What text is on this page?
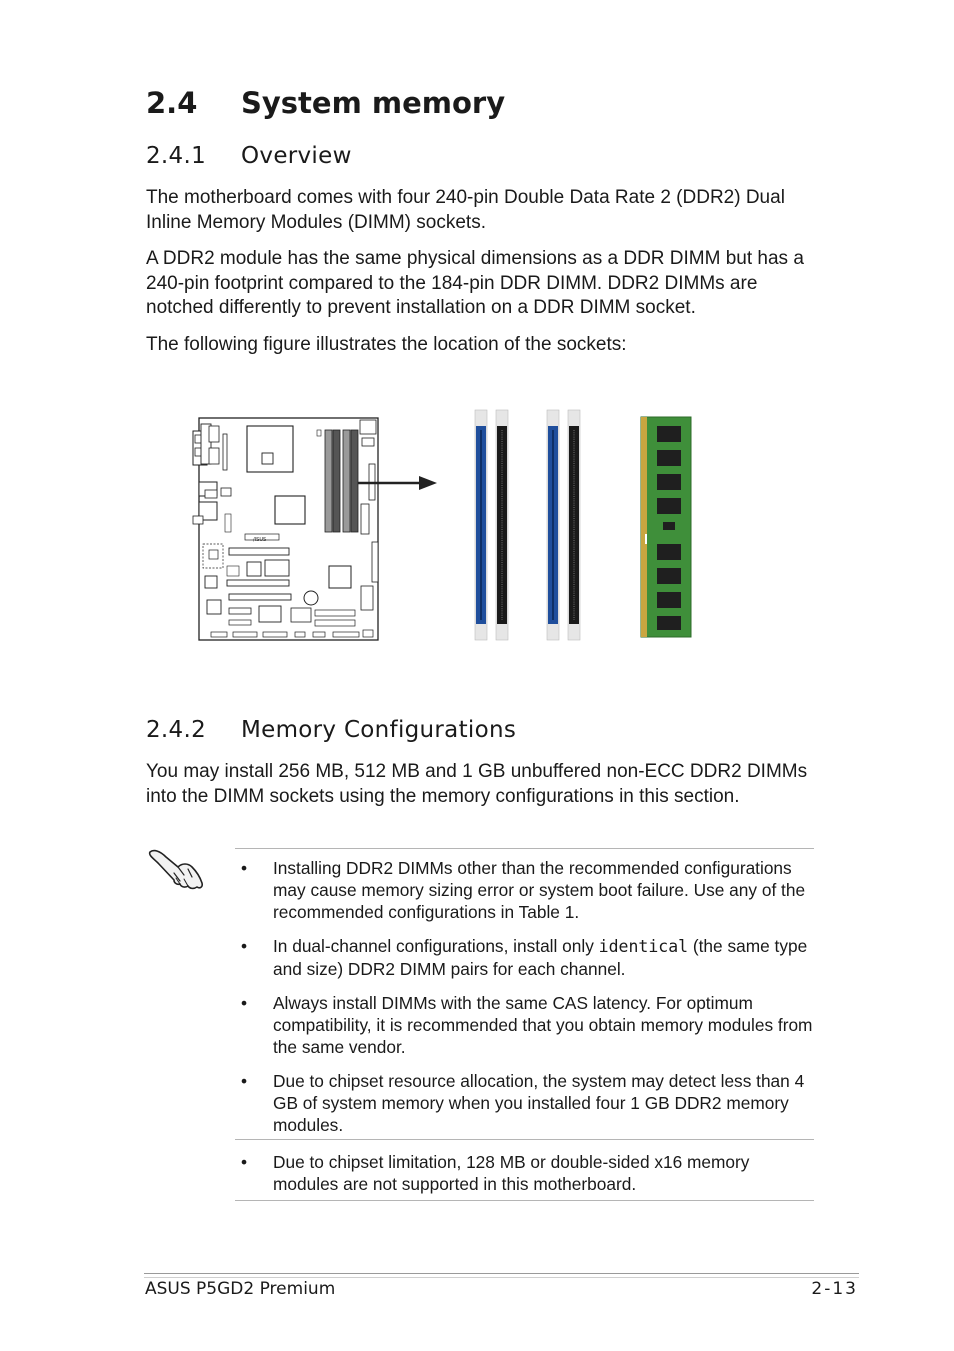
2.4 System memory
2.4.1 Overview

The motherboard comes with four 240-pin Double Data Rate 2 (DDR2) Dual Inline Memory Modules (DIMM) sockets.

A DDR2 module has the same physical dimensions as a DDR DIMM but has a 240-pin footprint compared to the 184-pin DDR DIMM. DDR2 DIMMs are notched differently to prevent installation on a DDR DIMM socket.

The following figure illustrates the location of the sockets:

/ISUS
2.4.2 Memory Configurations

You may install 256 MB, 512 MB and 1 GB unbuffered non-ECC DDR2 DIMMs into the DIMM sockets using the memory configurations in this section.

• Installing DDR2 DIMMs other than the recommended configurations may cause memory sizing error or system boot failure. Use any of the recommended configurations in Table 1.
• In dual-channel configurations, install only identical (the same type and size) DDR2 DIMM pairs for each channel.
• Always install DIMMs with the same CAS latency. For optimum compatibility, it is recommended that you obtain memory modules from the same vendor.
• Due to chipset resource allocation, the system may detect less than 4 GB of system memory when you installed four 1 GB DDR2 memory modules.
• Due to chipset limitation, 128 MB or double-sided x16 memory modules are not supported in this motherboard.
ASUS P5GD2 Premium	2-13
